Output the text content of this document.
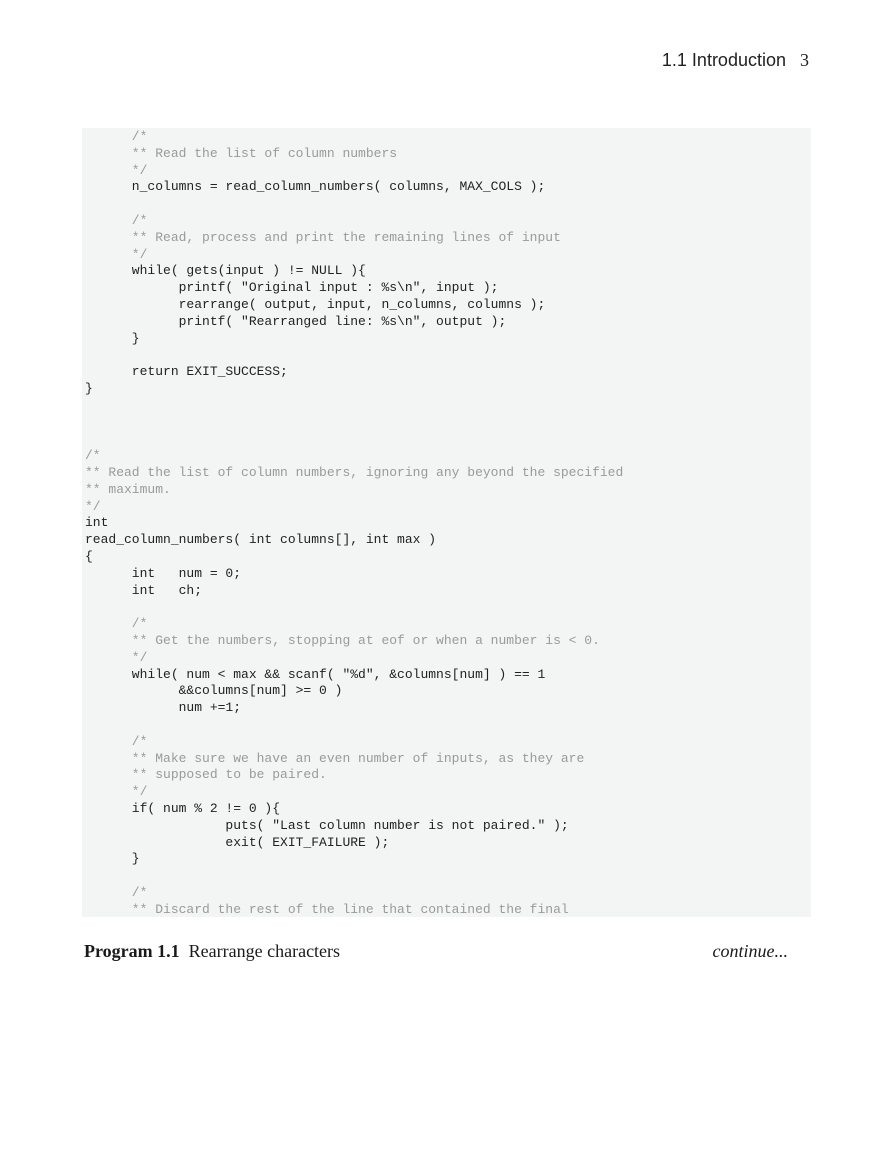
1.1 Introduction 3
/*
** Read the list of column numbers
*/
n_columns = read_column_numbers( columns, MAX_COLS );
/*
** Read, process and print the remaining lines of input
*/
while( gets(input ) != NULL ){
printf( "Original input : %s\n", input );
rearrange( output, input, n_columns, columns );
printf( "Rearranged line: %s\n", output );
}
return EXIT_SUCCESS;
}
/*
** Read the list of column numbers, ignoring any beyond the specified
** maximum.
*/
int
read_column_numbers( int columns[], int max )
{
int   num = 0;
int   ch;
/*
** Get the numbers, stopping at eof or when a number is < 0.
*/
while( num < max && scanf( "%d", &columns[num] ) == 1
&&columns[num] >= 0 )
num +=1;
/*
** Make sure we have an even number of inputs, as they are
** supposed to be paired.
*/
if( num % 2 != 0 ){
puts( "Last column number is not paired." );
exit( EXIT_FAILURE );
}
/*
** Discard the rest of the line that contained the final
Program 1.1 Rearrange characters	continue...
